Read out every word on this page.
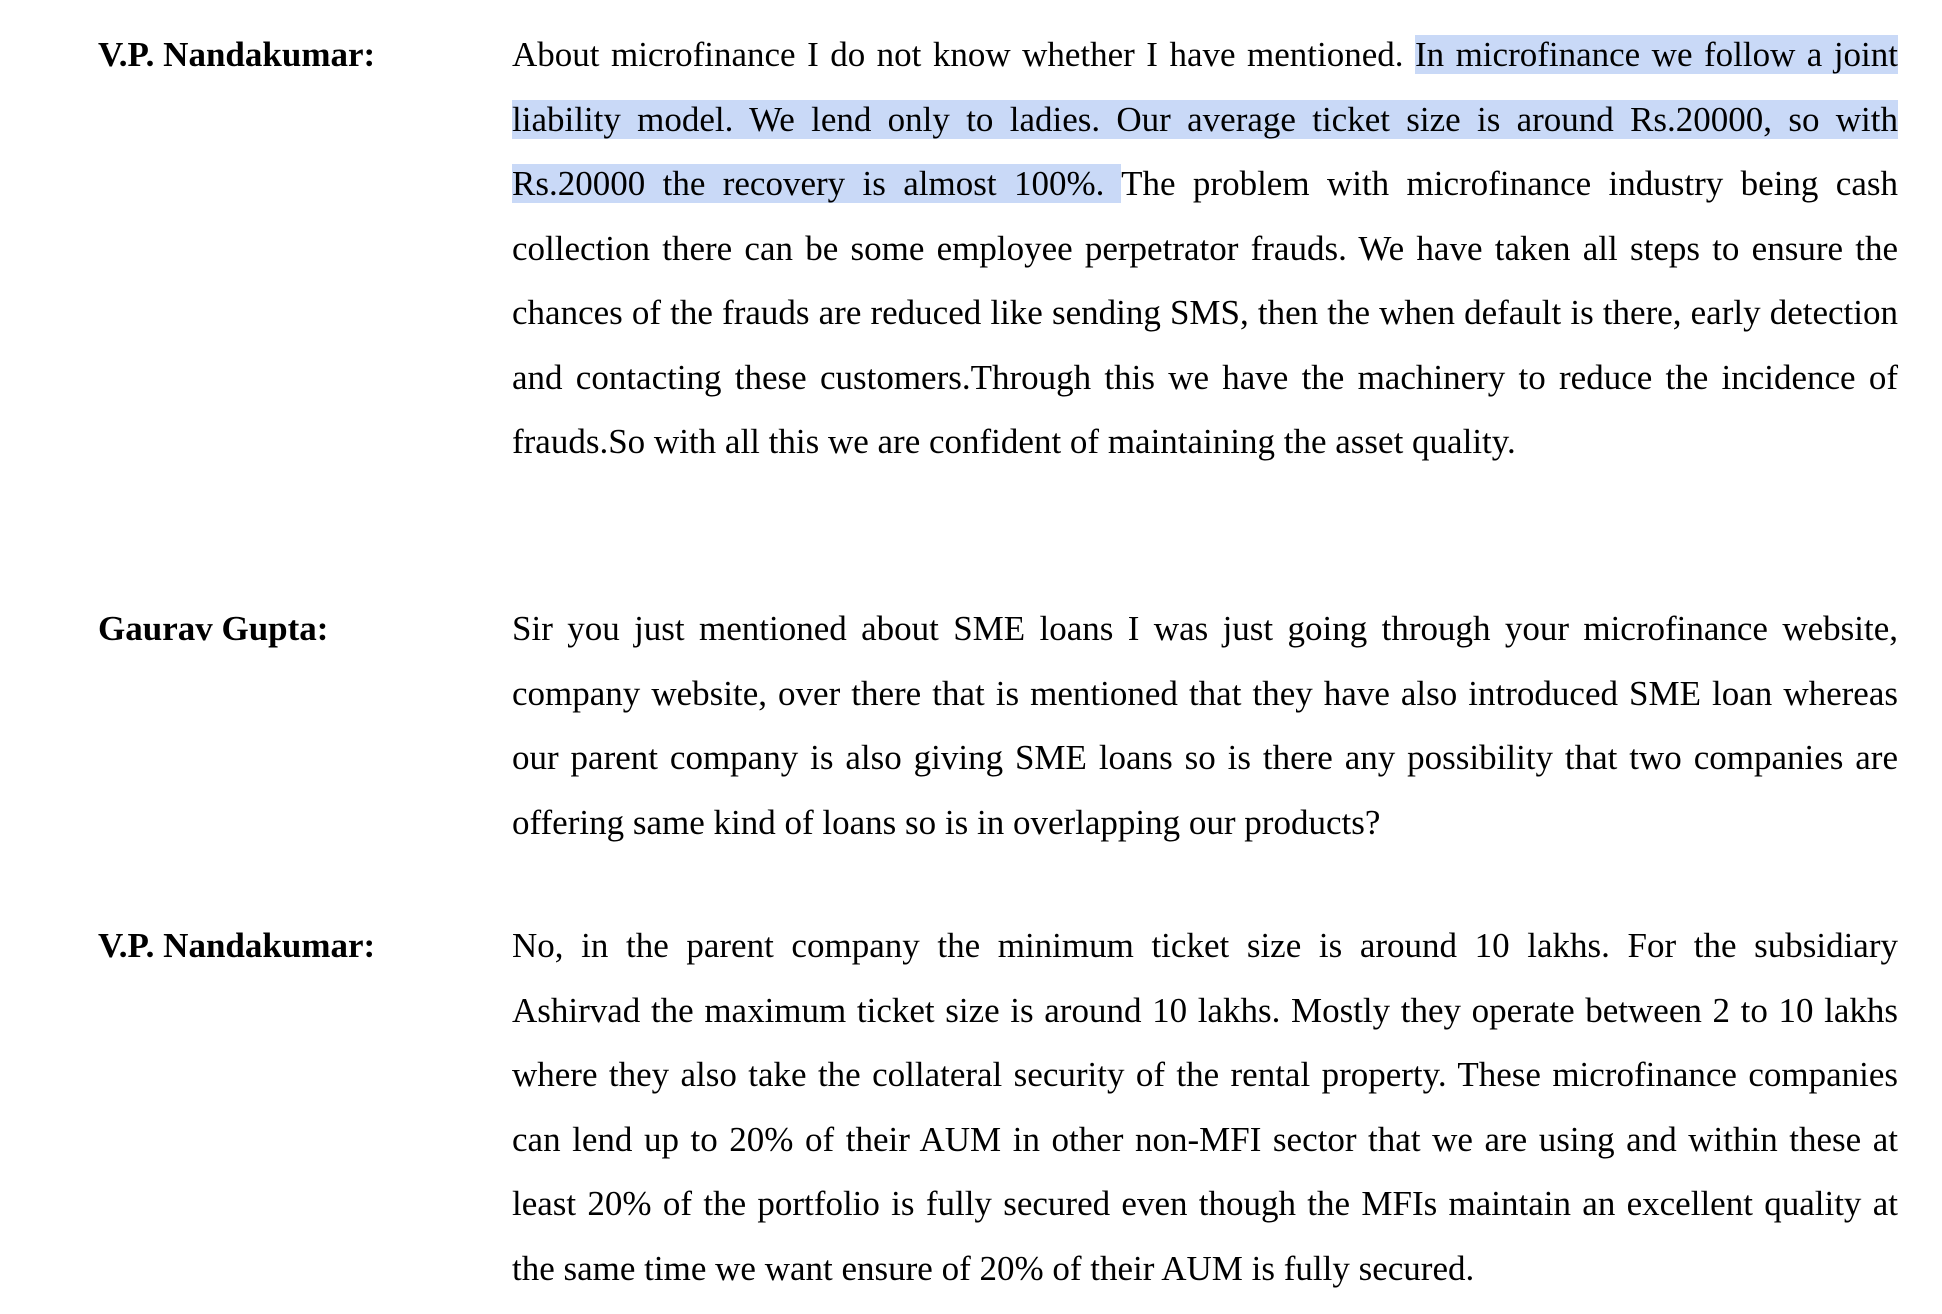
V.P. Nandakumar:	About microfinance I do not know whether I have mentioned. In microfinance we follow a joint liability model. We lend only to ladies. Our average ticket size is around Rs.20000, so with Rs.20000 the recovery is almost 100%. The problem with microfinance industry being cash collection there can be some employee perpetrator frauds. We have taken all steps to ensure the chances of the frauds are reduced like sending SMS, then the when default is there, early detection and contacting these customers.Through this we have the machinery to reduce the incidence of frauds.So with all this we are confident of maintaining the asset quality.

Gaurav Gupta:	Sir you just mentioned about SME loans I was just going through your microfinance website, company website, over there that is mentioned that they have also introduced SME loan whereas our parent company is also giving SME loans so is there any possibility that two companies are offering same kind of loans so is in overlapping our products?

V.P. Nandakumar:	No, in the parent company the minimum ticket size is around 10 lakhs. For the subsidiary Ashirvad the maximum ticket size is around 10 lakhs. Mostly they operate between 2 to 10 lakhs where they also take the collateral security of the rental property. These microfinance companies can lend up to 20% of their AUM in other non-MFI sector that we are using and within these at least 20% of the portfolio is fully secured even though the MFIs maintain an excellent quality at the same time we want ensure of 20% of their AUM is fully secured.
